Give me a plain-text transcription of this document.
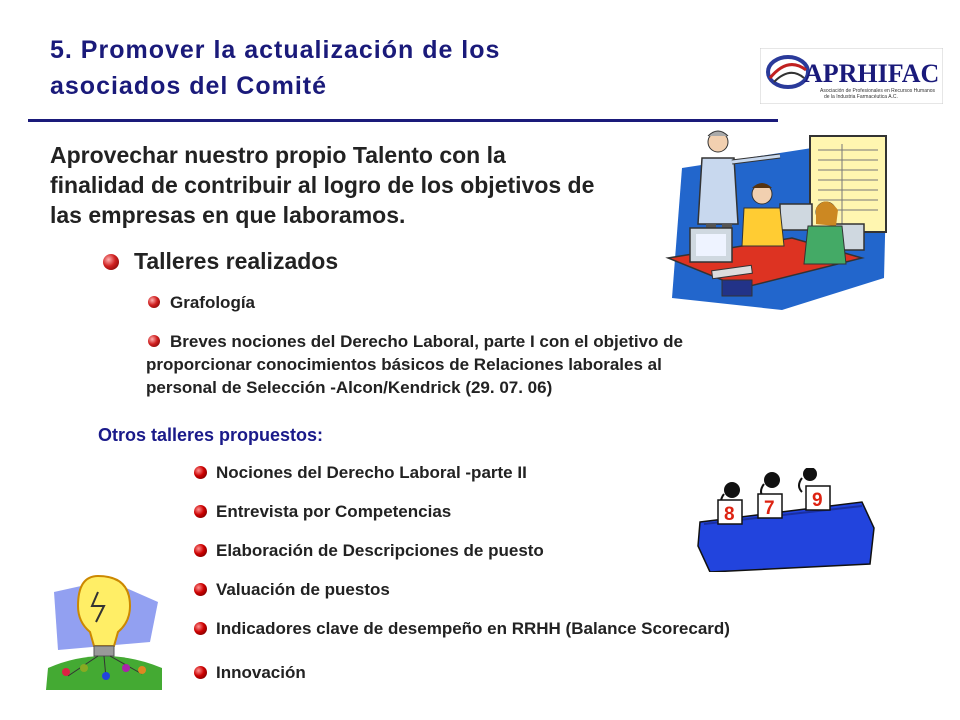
5. Promover la actualización de los
asociados del Comité	APRHIFAC
Asociación de Profesionales en Recursos Humanos
de la Industria Farmacéutica A.C.

Aprovechar nuestro propio Talento con la
finalidad de contribuir al logro de los objetivos de
las empresas en que laboramos.

Talleres realizados
Grafología
Breves nociones del Derecho Laboral, parte I con el objetivo de
proporcionar conocimientos básicos de Relaciones laborales al
personal de Selección -Alcon/Kendrick (29. 07. 06)
Otros talleres propuestos:
Nociones del Derecho Laboral -parte II
Entrevista por Competencias
Elaboración de Descripciones de puesto
Valuación de puestos
Indicadores clave de desempeño en RRHH (Balance Scorecard)
Innovación
8 7 9
